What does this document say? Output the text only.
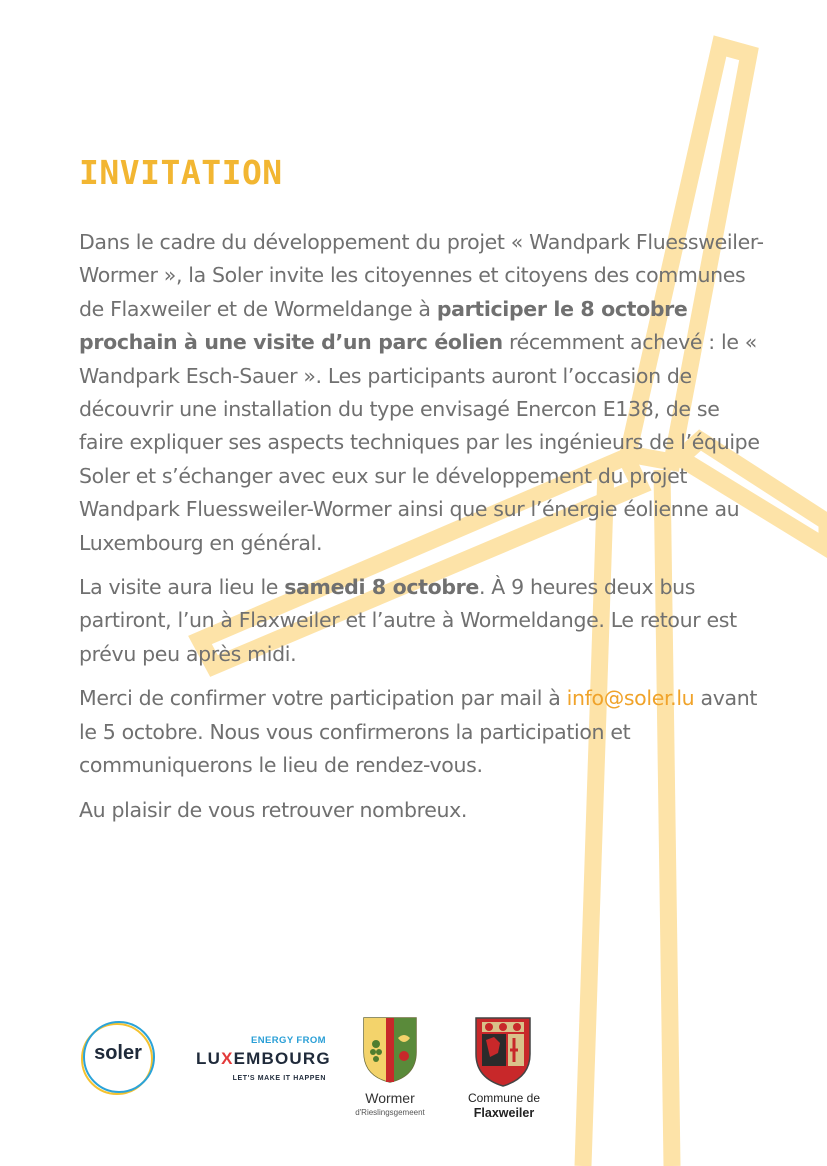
INVITATION

Dans le cadre du développement du projet « Wandpark Fluessweiler-Wormer », la Soler invite les citoyennes et citoyens des communes de Flaxweiler et de Wormeldange à participer le 8 octobre prochain à une visite d’un parc éolien récemment achevé : le « Wandpark Esch-Sauer ». Les participants auront l’occasion de découvrir une installation du type envisagé Enercon E138, de se faire expliquer ses aspects techniques par les ingénieurs de l’équipe Soler et s’échanger avec eux sur le développement du projet Wandpark Fluessweiler-Wormer ainsi que sur l’énergie éolienne au Luxembourg en général.

La visite aura lieu le samedi 8 octobre. À 9 heures deux bus partiront, l’un à Flaxweiler et l’autre à Wormeldange. Le retour est prévu peu après midi.

Merci de confirmer votre participation par mail à info@soler.lu avant le 5 octobre. Nous vous confirmerons la participation et communiquerons le lieu de rendez-vous.

Au plaisir de vous retrouver nombreux.

soler
ENERGY FROM
LUXEMBOURG
LET'S MAKE IT HAPPEN
Wormer
d'Rieslingsgemeent
Commune de
Flaxweiler
